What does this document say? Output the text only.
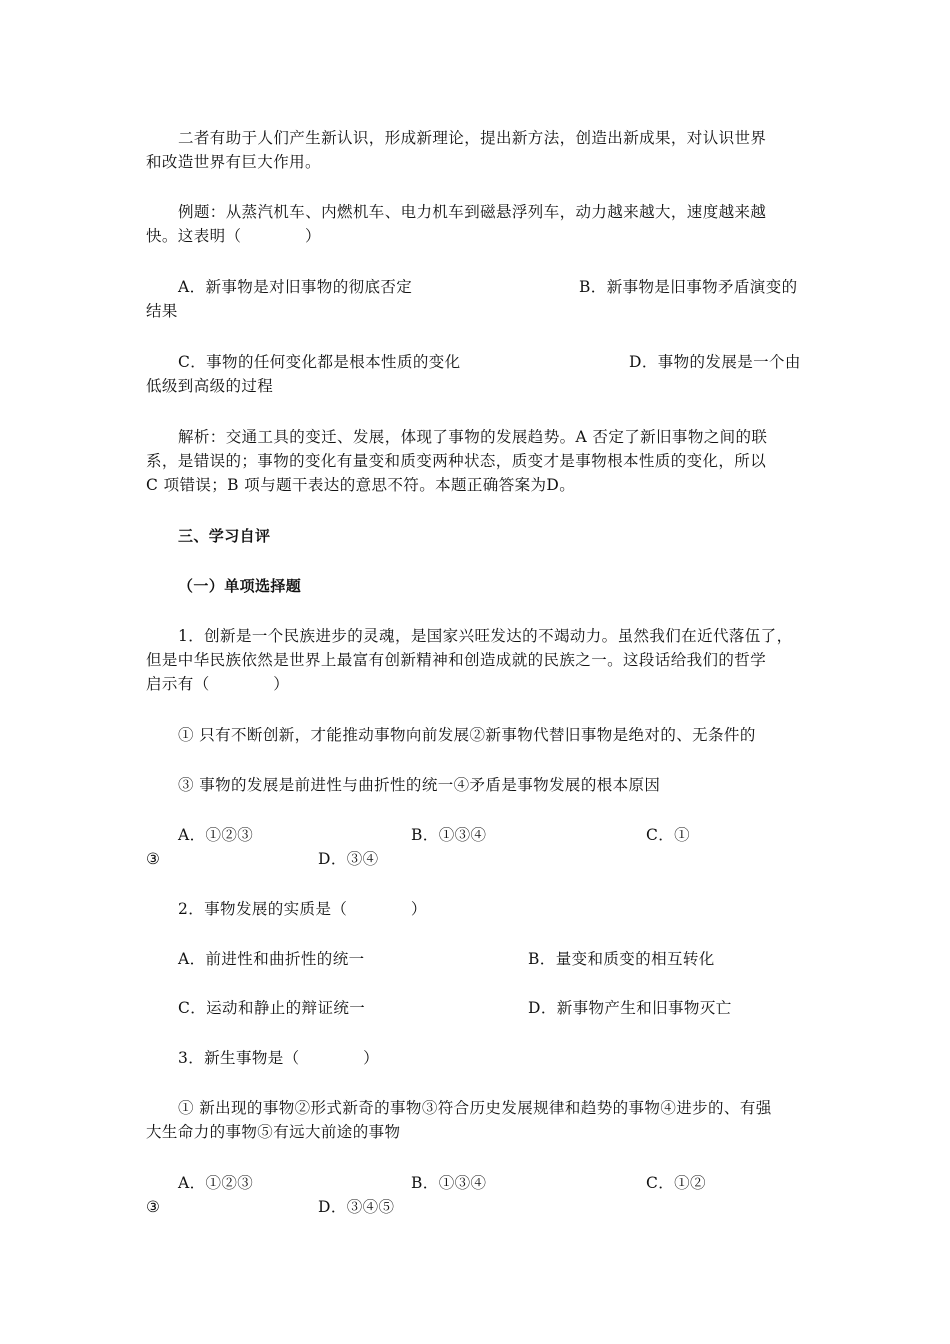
二者有助于人们产生新认识，形成新理论，提出新方法，创造出新成果，对认识世界
和改造世界有巨大作用。
例题：从蒸汽机车、内燃机车、电力机车到磁悬浮列车，动力越来越大，速度越来越
快。这表明（　　　　）
A．新事物是对旧事物的彻底否定	B．新事物是旧事物矛盾演变的
结果
C．事物的任何变化都是根本性质的变化	D．事物的发展是一个由
低级到高级的过程
解析：交通工具的变迁、发展，体现了事物的发展趋势。A 否定了新旧事物之间的联
系，是错误的；事物的变化有量变和质变两种状态，质变才是事物根本性质的变化，所以
C 项错误；B 项与题干表达的意思不符。本题正确答案为D。
三、学习自评
（一）单项选择题
1．创新是一个民族进步的灵魂，是国家兴旺发达的不竭动力。虽然我们在近代落伍了，
但是中华民族依然是世界上最富有创新精神和创造成就的民族之一。这段话给我们的哲学
启示有（　　　　）
① 只有不断创新，才能推动事物向前发展②新事物代替旧事物是绝对的、无条件的
③ 事物的发展是前进性与曲折性的统一④矛盾是事物发展的根本原因
A．①②③	B．①③④	C．①
③	D．③④
2．事物发展的实质是（　　　　）
A．前进性和曲折性的统一	B．量变和质变的相互转化
C．运动和静止的辩证统一	D．新事物产生和旧事物灭亡
3．新生事物是（　　　　）
① 新出现的事物②形式新奇的事物③符合历史发展规律和趋势的事物④进步的、有强
大生命力的事物⑤有远大前途的事物
A．①②③	B．①③④	C．①②
③	D．③④⑤
